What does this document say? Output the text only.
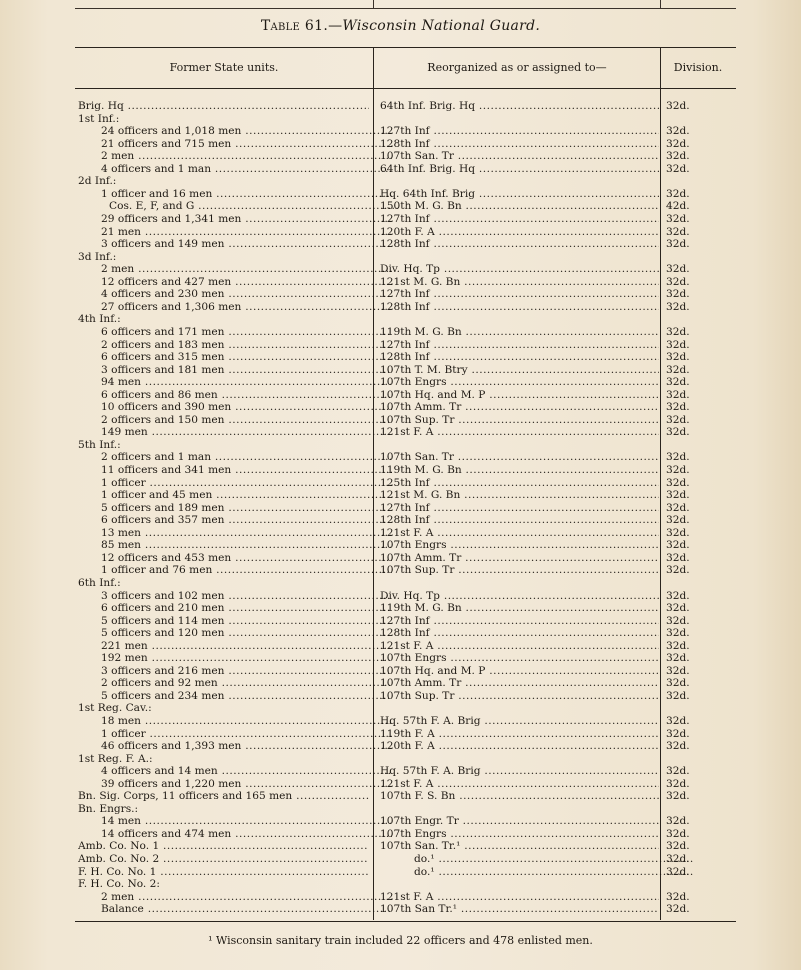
Table 61.—Wisconsin National Guard.
Former State units.	Reorganized as or assigned to—	Division.
Brig. Hq .....	64th Inf. Brig. Hq .....	32d.
1st Inf.:
24 officers and 1,018 men .....	127th Inf .....	32d.
21 officers and 715 men .....	128th Inf .....	32d.
2 men .....	107th San. Tr .....	32d.
4 officers and 1 man .....	64th Inf. Brig. Hq .....	32d.
2d Inf.:
1 officer and 16 men .....	Hq. 64th Inf. Brig .....	32d.
Cos. E, F, and G .....	150th M. G. Bn .....	42d.
29 officers and 1,341 men .....	127th Inf .....	32d.
21 men .....	120th F. A .....	32d.
3 officers and 149 men .....	128th Inf .....	32d.
3d Inf.:
2 men .....	Div. Hq. Tp .....	32d.
12 officers and 427 men .....	121st M. G. Bn .....	32d.
4 officers and 230 men .....	127th Inf .....	32d.
27 officers and 1,306 men .....	128th Inf .....	32d.
4th Inf.:
6 officers and 171 men .....	119th M. G. Bn .....	32d.
2 officers and 183 men .....	127th Inf .....	32d.
6 officers and 315 men .....	128th Inf .....	32d.
3 officers and 181 men .....	107th T. M. Btry .....	32d.
94 men .....	107th Engrs .....	32d.
6 officers and 86 men .....	107th Hq. and M. P .....	32d.
10 officers and 390 men .....	107th Amm. Tr .....	32d.
2 officers and 150 men .....	107th Sup. Tr .....	32d.
149 men .....	121st F. A .....	32d.
5th Inf.:
2 officers and 1 man .....	107th San. Tr .....	32d.
11 officers and 341 men .....	119th M. G. Bn .....	32d.
1 officer .....	125th Inf .....	32d.
1 officer and 45 men .....	121st M. G. Bn .....	32d.
5 officers and 189 men .....	127th Inf .....	32d.
6 officers and 357 men .....	128th Inf .....	32d.
13 men .....	121st F. A .....	32d.
85 men .....	107th Engrs .....	32d.
12 officers and 453 men .....	107th Amm. Tr .....	32d.
1 officer and 76 men .....	107th Sup. Tr .....	32d.
6th Inf.:
3 officers and 102 men .....	Div. Hq. Tp .....	32d.
6 officers and 210 men .....	119th M. G. Bn .....	32d.
5 officers and 114 men .....	127th Inf .....	32d.
5 officers and 120 men .....	128th Inf .....	32d.
221 men .....	121st F. A .....	32d.
192 men .....	107th Engrs .....	32d.
3 officers and 216 men .....	107th Hq. and M. P .....	32d.
2 officers and 92 men .....	107th Amm. Tr .....	32d.
5 officers and 234 men .....	107th Sup. Tr .....	32d.
1st Reg. Cav.:
18 men .....	Hq. 57th F. A. Brig .....	32d.
1 officer .....	119th F. A .....	32d.
46 officers and 1,393 men .....	120th F. A .....	32d.
1st Reg. F. A.:
4 officers and 14 men .....	Hq. 57th F. A. Brig .....	32d.
39 officers and 1,220 men .....	121st F. A .....	32d.
Bn. Sig. Corps, 11 officers and 165 men .....	107th F. S. Bn .....	32d.
Bn. Engrs.:
14 men .....	107th Engr. Tr .....	32d.
14 officers and 474 men .....	107th Engrs .....	32d.
Amb. Co. No. 1 .....	107th San. Tr.¹ .....	32d.
Amb. Co. No. 2 .....	do.¹ .....	32d.
F. H. Co. No. 1 .....	do.¹ .....	32d.
F. H. Co. No. 2:
2 men .....	121st F. A .....	32d.
Balance .....	107th San Tr.¹ .....	32d.
¹ Wisconsin sanitary train included 22 officers and 478 enlisted men.
